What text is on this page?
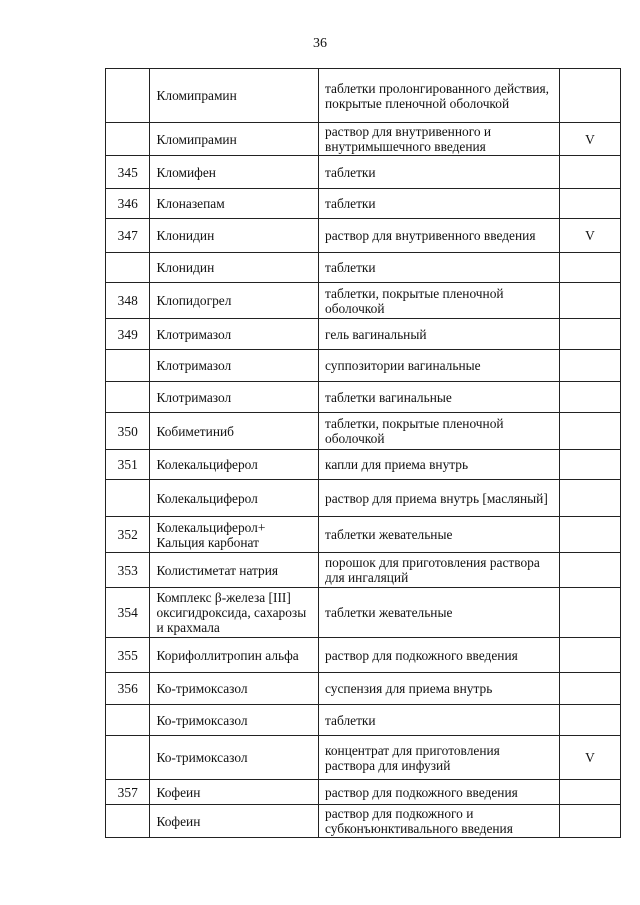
36
	Кломипрамин	таблетки пролонгированного действия, покрытые пленочной оболочкой	
	Кломипрамин	раствор для внутривенного и внутримышечного введения	V
345	Кломифен	таблетки	
346	Клоназепам	таблетки	
347	Клонидин	раствор для внутривенного введения	V
	Клонидин	таблетки	
348	Клопидогрел	таблетки, покрытые пленочной оболочкой	
349	Клотримазол	гель вагинальный	
	Клотримазол	суппозитории вагинальные	
	Клотримазол	таблетки вагинальные	
350	Кобиметиниб	таблетки, покрытые пленочной оболочкой	
351	Колекальциферол	капли для приема внутрь	
	Колекальциферол	раствор для приема внутрь [масляный]	
352	Колекальциферол+ Кальция карбонат	таблетки жевательные	
353	Колистиметат натрия	порошок для приготовления раствора для ингаляций	
354	Комплекс β-железа [III] оксигидроксида, сахарозы и крахмала	таблетки жевательные	
355	Корифоллитропин альфа	раствор для подкожного введения	
356	Ко-тримоксазол	суспензия для приема внутрь	
	Ко-тримоксазол	таблетки	
	Ко-тримоксазол	концентрат для приготовления раствора для инфузий	V
357	Кофеин	раствор для подкожного введения	
	Кофеин	раствор для подкожного и субконъюнктивального введения	
